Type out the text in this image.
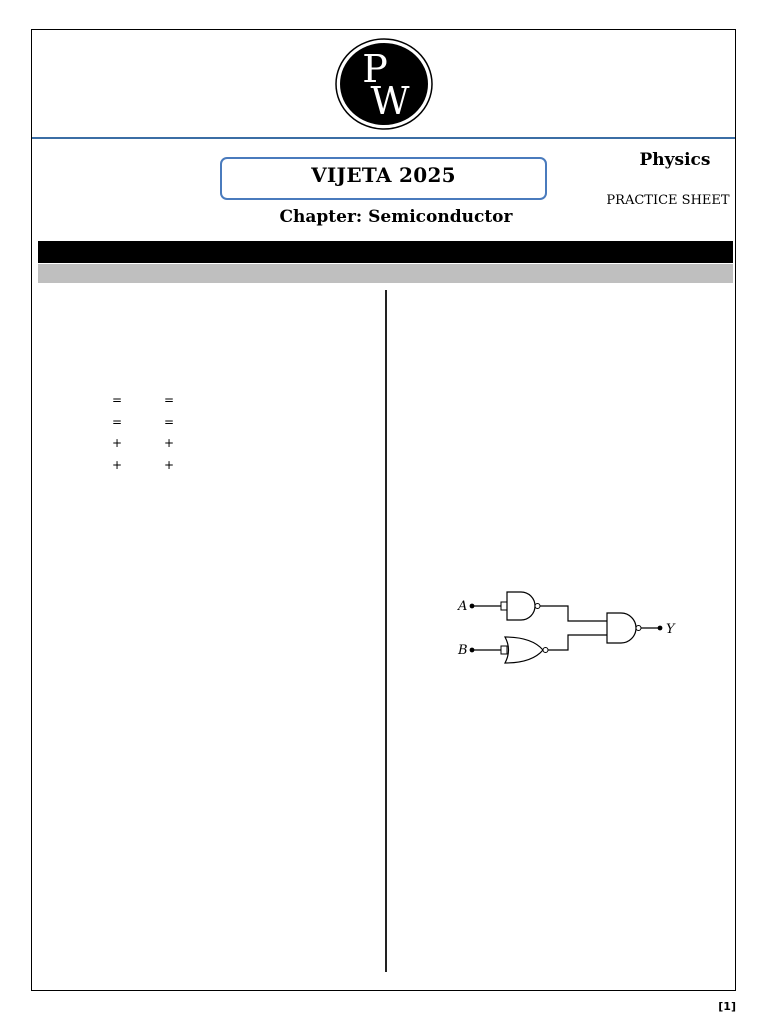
P
W
VIJETA 2025
Chapter: Semiconductor
Physics
PRACTICE SHEET
=	=
=	=
+	+
+	+
A
B
Y
[1]
